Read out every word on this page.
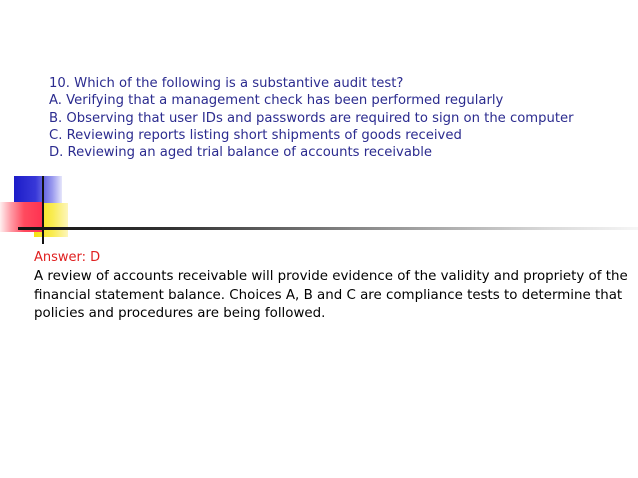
10. Which of the following is a substantive audit test?
A. Verifying that a management check has been performed regularly
B. Observing that user IDs and passwords are required to sign on the computer
C. Reviewing reports listing short shipments of goods received
D. Reviewing an aged trial balance of accounts receivable
Answer: D
A review of accounts receivable will provide evidence of the validity and propriety of the
financial statement balance. Choices A, B and C are compliance tests to determine that
policies and procedures are being followed.
